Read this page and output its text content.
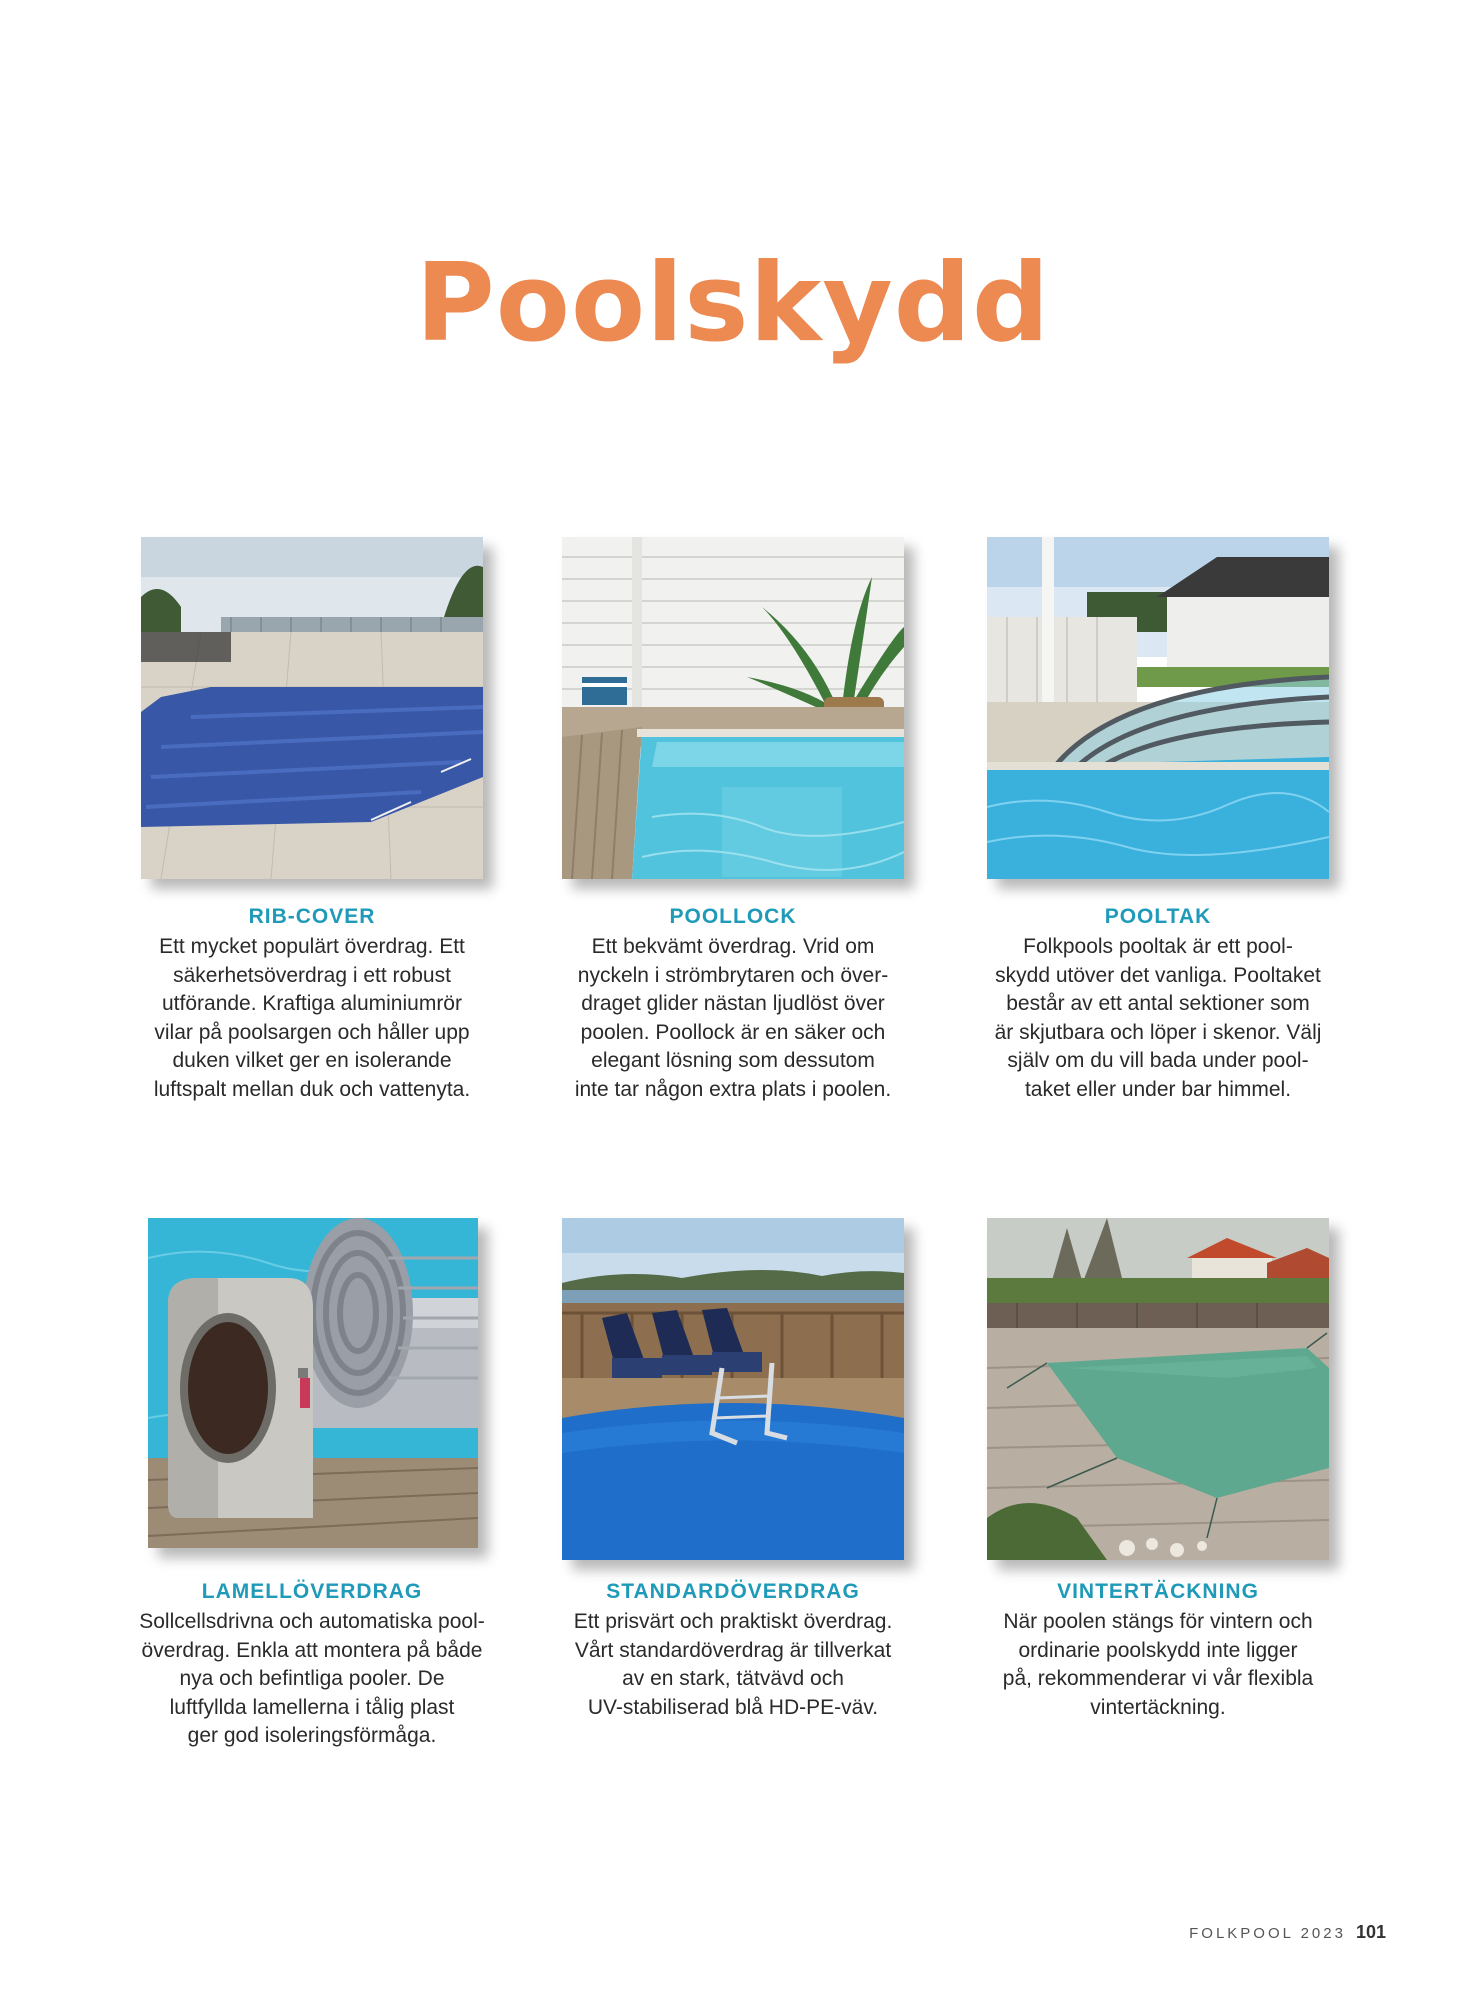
Poolskydd
RIB-COVER
Ett mycket populärt överdrag. Ett
säkerhetsöverdrag i ett robust
utförande. Kraftiga aluminiumrör
vilar på poolsargen och håller upp
duken vilket ger en isolerande
luftspalt mellan duk och vattenyta.
POOLLOCK
Ett bekvämt överdrag. Vrid om
nyckeln i strömbrytaren och över-
draget glider nästan ljudlöst över
poolen. Poollock är en säker och
elegant lösning som dessutom
inte tar någon extra plats i poolen.
POOLTAK
Folkpools pooltak är ett pool-
skydd utöver det vanliga. Pooltaket
består av ett antal sektioner som
är skjutbara och löper i skenor. Välj
själv om du vill bada under pool-
taket eller under bar himmel.
LAMELLÖVERDRAG
Sollcellsdrivna och automatiska pool-
överdrag. Enkla att montera på både
nya och befintliga pooler. De
luftfyllda lamellerna i tålig plast
ger god isoleringsförmåga.
STANDARDÖVERDRAG
Ett prisvärt och praktiskt överdrag.
Vårt standardöverdrag är tillverkat
av en stark, tätvävd och
UV-stabiliserad blå HD-PE-väv.
VINTERTÄCKNING
När poolen stängs för vintern och
ordinarie poolskydd inte ligger
på, rekommenderar vi vår flexibla
vintertäckning.
FOLKPOOL 2023 101
